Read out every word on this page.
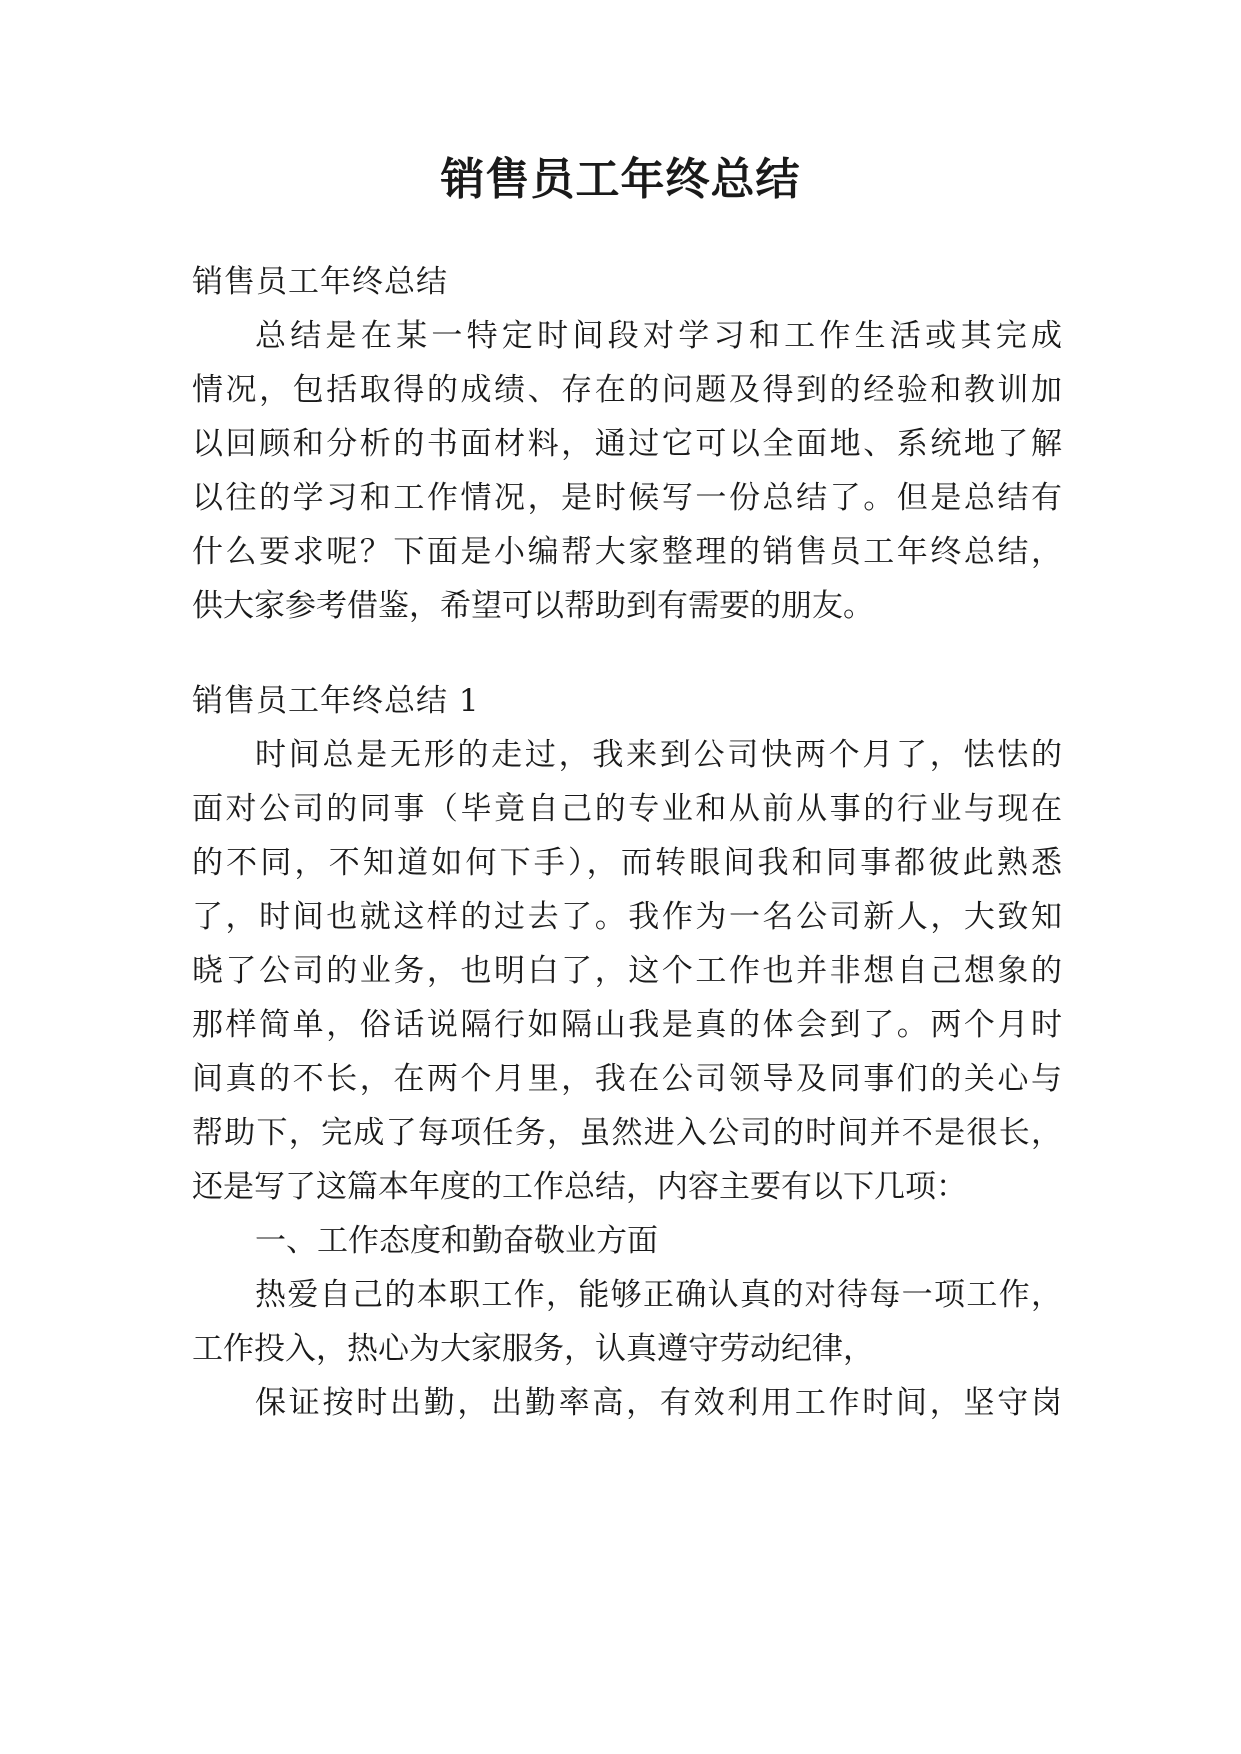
销售员工年终总结
销售员工年终总结
总结是在某一特定时间段对学习和工作生活或其完成
情况，包括取得的成绩、存在的问题及得到的经验和教训加
以回顾和分析的书面材料，通过它可以全面地、系统地了解
以往的学习和工作情况，是时候写一份总结了。但是总结有
什么要求呢？下面是小编帮大家整理的销售员工年终总结，
供大家参考借鉴，希望可以帮助到有需要的朋友。
销售员工年终总结 1
时间总是无形的走过，我来到公司快两个月了，怯怯的
面对公司的同事（毕竟自己的专业和从前从事的行业与现在
的不同，不知道如何下手），而转眼间我和同事都彼此熟悉
了，时间也就这样的过去了。我作为一名公司新人，大致知
晓了公司的业务，也明白了，这个工作也并非想自己想象的
那样简单，俗话说隔行如隔山我是真的体会到了。两个月时
间真的不长，在两个月里，我在公司领导及同事们的关心与
帮助下，完成了每项任务，虽然进入公司的时间并不是很长，
还是写了这篇本年度的工作总结，内容主要有以下几项：
一、工作态度和勤奋敬业方面
热爱自己的本职工作，能够正确认真的对待每一项工作，
工作投入，热心为大家服务，认真遵守劳动纪律，
保证按时出勤，出勤率高，有效利用工作时间，坚守岗
